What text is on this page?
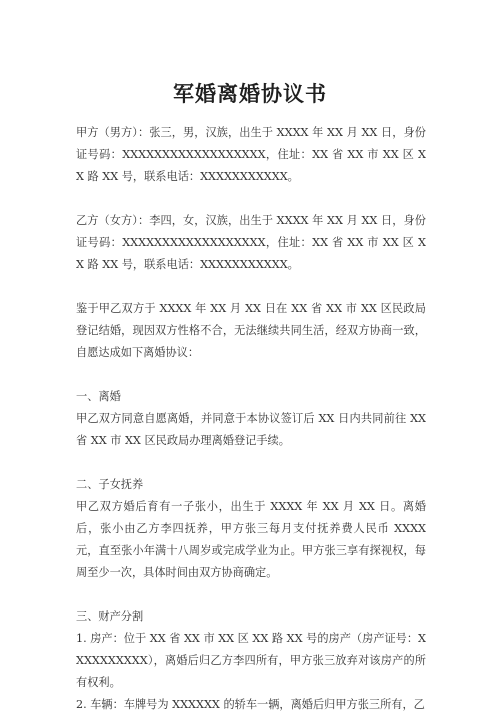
军婚离婚协议书

甲方（男方）：张三，男，汉族，出生于 XXXX 年 XX 月 XX 日，身份证号码：XXXXXXXXXXXXXXXXXX，住址：XX 省 XX 市 XX 区 XX 路 XX 号，联系电话：XXXXXXXXXXX。

乙方（女方）：李四，女，汉族，出生于 XXXX 年 XX 月 XX 日，身份证号码：XXXXXXXXXXXXXXXXXX，住址：XX 省 XX 市 XX 区 XX 路 XX 号，联系电话：XXXXXXXXXXX。

鉴于甲乙双方于 XXXX 年 XX 月 XX 日在 XX 省 XX 市 XX 区民政局登记结婚，现因双方性格不合，无法继续共同生活，经双方协商一致，自愿达成如下离婚协议：

一、离婚

甲乙双方同意自愿离婚，并同意于本协议签订后 XX 日内共同前往 XX 省 XX 市 XX 区民政局办理离婚登记手续。

二、子女抚养

甲乙双方婚后育有一子张小，出生于 XXXX 年 XX 月 XX 日。离婚后，张小由乙方李四抚养，甲方张三每月支付抚养费人民币 XXXX 元，直至张小年满十八周岁或完成学业为止。甲方张三享有探视权，每周至少一次，具体时间由双方协商确定。

三、财产分割

1. 房产：位于 XX 省 XX 市 XX 区 XX 路 XX 号的房产（房产证号：XXXXXXXXXX），离婚后归乙方李四所有，甲方张三放弃对该房产的所有权利。

2. 车辆：车牌号为 XXXXXX 的轿车一辆，离婚后归甲方张三所有，乙
